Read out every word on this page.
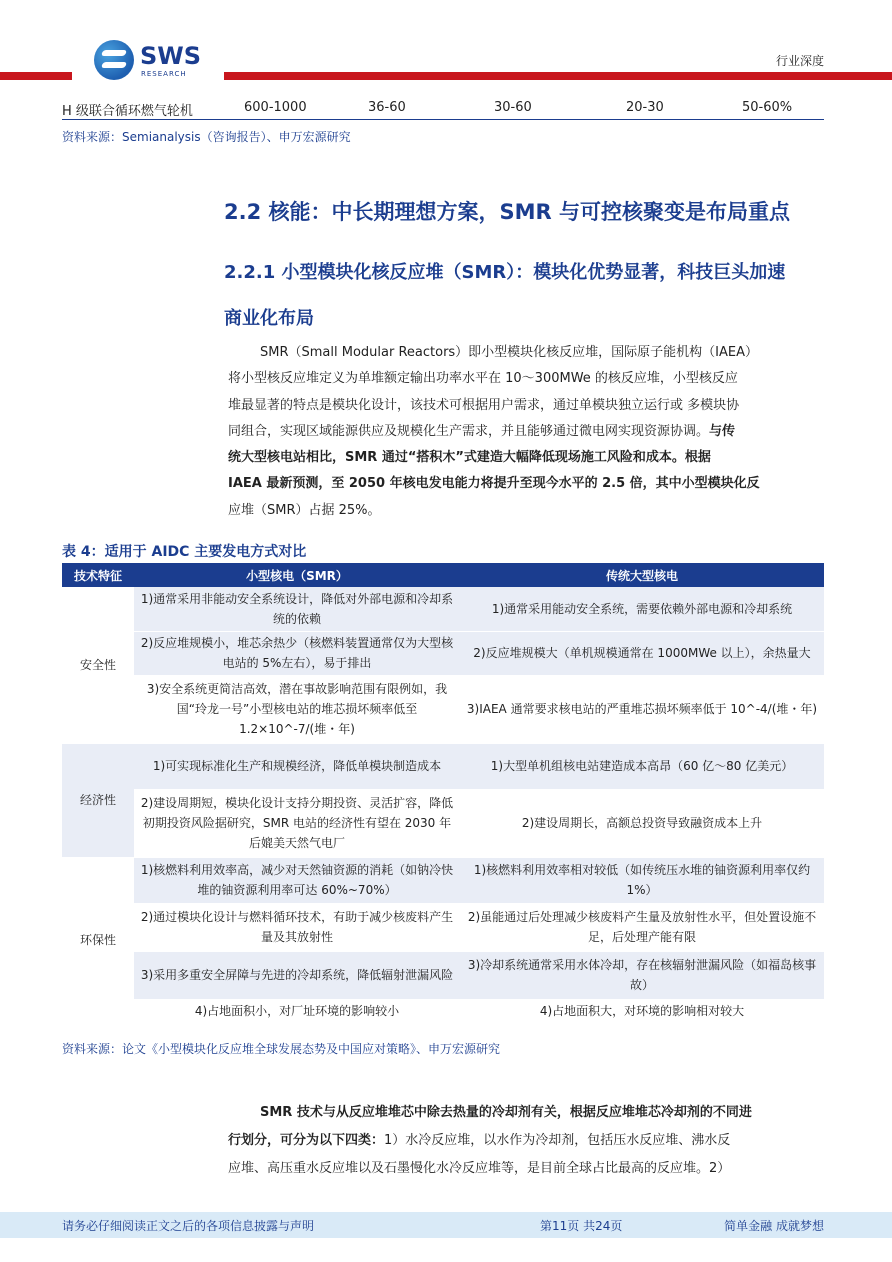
SWS
RESEARCH
行业深度
H 级联合循环燃气轮机	600-1000	36-60	30-60	20-30	50-60%
资料来源：Semianalysis（咨询报告）、申万宏源研究
2.2 核能：中长期理想方案，SMR 与可控核聚变是布局重点
2.2.1 小型模块化核反应堆（SMR）：模块化优势显著，科技巨头加速
商业化布局

SMR（Small Modular Reactors）即小型模块化核反应堆，国际原子能机构（IAEA）

将小型核反应堆定义为单堆额定输出功率水平在 10～300MWe 的核反应堆，小型核反应

堆最显著的特点是模块化设计，该技术可根据用户需求，通过单模块独立运行或 多模块协

同组合，实现区域能源供应及规模化生产需求，并且能够通过微电网实现资源协调。与传

统大型核电站相比，SMR 通过“搭积木”式建造大幅降低现场施工风险和成本。根据

IAEA 最新预测，至 2050 年核电发电能力将提升至现今水平的 2.5 倍，其中小型模块化反

应堆（SMR）占据 25%。

表 4：适用于 AIDC 主要发电方式对比
技术特征	小型核电（SMR）	传统大型核电
安全性	1)通常采用非能动安全系统设计，降低对外部电源和冷却系统的依赖	1)通常采用能动安全系统，需要依赖外部电源和冷却系统
	2)反应堆规模小，堆芯余热少（核燃料装置通常仅为大型核电站的 5%左右），易于排出	2)反应堆规模大（单机规模通常在 1000MWe 以上），余热量大
	3)安全系统更简洁高效，潜在事故影响范围有限例如，我国“玲龙一号”小型核电站的堆芯损坏频率低至 1.2×10^-7/(堆・年)	3)IAEA 通常要求核电站的严重堆芯损坏频率低于 10^-4/(堆・年)
经济性	1)可实现标准化生产和规模经济，降低单模块制造成本	1)大型单机组核电站建造成本高昂（60 亿～80 亿美元）
	2)建设周期短，模块化设计支持分期投资、灵活扩容，降低初期投资风险据研究，SMR 电站的经济性有望在 2030 年后媲美天然气电厂	2)建设周期长，高额总投资导致融资成本上升
环保性	1)核燃料利用效率高，减少对天然铀资源的消耗（如钠冷快堆的铀资源利用率可达 60%~70%）	1)核燃料利用效率相对较低（如传统压水堆的铀资源利用率仅约 1%）
	2)通过模块化设计与燃料循环技术，有助于减少核废料产生量及其放射性	2)虽能通过后处理减少核废料产生量及放射性水平，但处置设施不足，后处理产能有限
	3)采用多重安全屏障与先进的冷却系统，降低辐射泄漏风险	3)冷却系统通常采用水体冷却，存在核辐射泄漏风险（如福岛核事故）
	4)占地面积小，对厂址环境的影响较小	4)占地面积大，对环境的影响相对较大
资料来源：论文《小型模块化反应堆全球发展态势及中国应对策略》、申万宏源研究

SMR 技术与从反应堆堆芯中除去热量的冷却剂有关，根据反应堆堆芯冷却剂的不同进

行划分，可分为以下四类：1）水冷反应堆，以水作为冷却剂，包括压水反应堆、沸水反

应堆、高压重水反应堆以及石墨慢化水冷反应堆等，是目前全球占比最高的反应堆。2）

请务必仔细阅读正文之后的各项信息披露与声明	第11页 共24页	简单金融 成就梦想
